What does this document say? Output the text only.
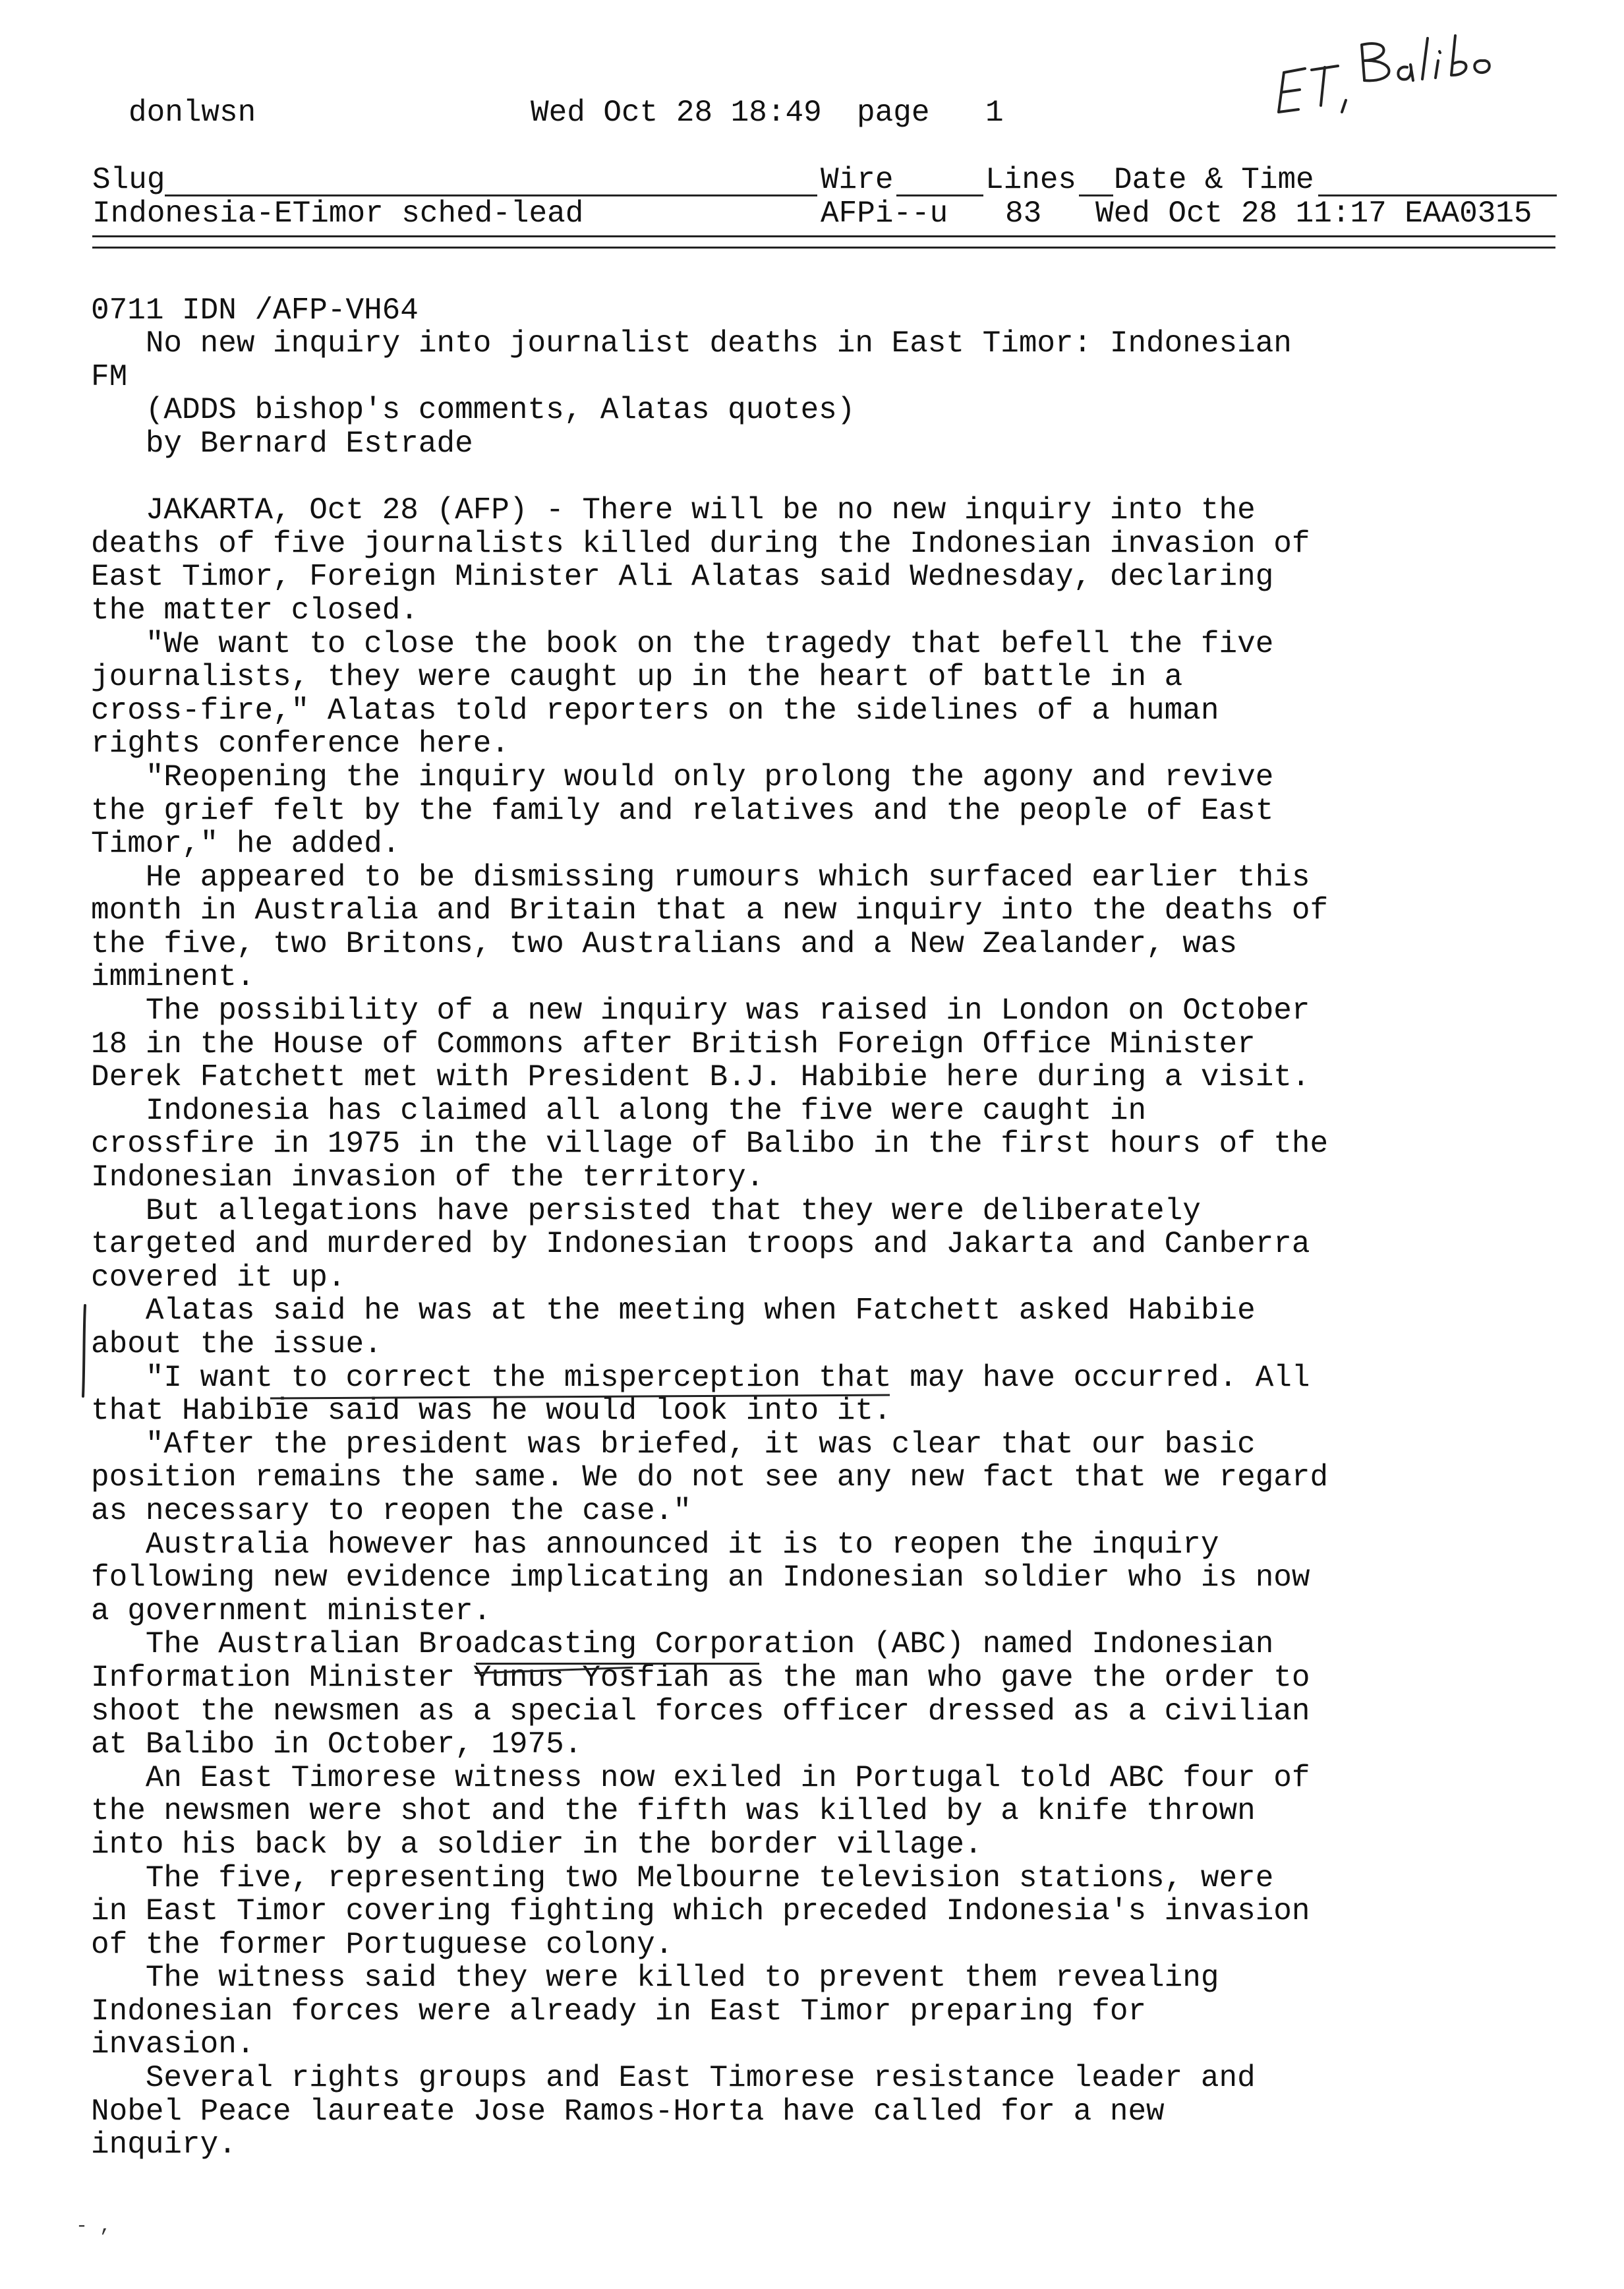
donlwsn	Wed Oct 28 18:49 page 1
Slug	Wire	Lines Date & Time
Indonesia-ETimor sched-lead	AFPi--u 83 Wed Oct 28 11:17 EAA0315

0711 IDN /AFP-VH64
No new inquiry into journalist deaths in East Timor: Indonesian
FM
(ADDS bishop's comments, Alatas quotes)
by Bernard Estrade

JAKARTA, Oct 28 (AFP) - There will be no new inquiry into the
deaths of five journalists killed during the Indonesian invasion of
East Timor, Foreign Minister Ali Alatas said Wednesday, declaring
the matter closed.
"We want to close the book on the tragedy that befell the five
journalists, they were caught up in the heart of battle in a
cross-fire," Alatas told reporters on the sidelines of a human
rights conference here.
"Reopening the inquiry would only prolong the agony and revive
the grief felt by the family and relatives and the people of East
Timor," he added.
He appeared to be dismissing rumours which surfaced earlier this
month in Australia and Britain that a new inquiry into the deaths of
the five, two Britons, two Australians and a New Zealander, was
imminent.
The possibility of a new inquiry was raised in London on October
18 in the House of Commons after British Foreign Office Minister
Derek Fatchett met with President B.J. Habibie here during a visit.
Indonesia has claimed all along the five were caught in
crossfire in 1975 in the village of Balibo in the first hours of the
Indonesian invasion of the territory.
But allegations have persisted that they were deliberately
targeted and murdered by Indonesian troops and Jakarta and Canberra
covered it up.
Alatas said he was at the meeting when Fatchett asked Habibie
about the issue.
"I want to correct the misperception that may have occurred. All
that Habibie said was he would look into it.
"After the president was briefed, it was clear that our basic
position remains the same. We do not see any new fact that we regard
as necessary to reopen the case."
Australia however has announced it is to reopen the inquiry
following new evidence implicating an Indonesian soldier who is now
a government minister.
The Australian Broadcasting Corporation (ABC) named Indonesian
Information Minister Yunus Yosfiah as the man who gave the order to
shoot the newsmen as a special forces officer dressed as a civilian
at Balibo in October, 1975.
An East Timorese witness now exiled in Portugal told ABC four of
the newsmen were shot and the fifth was killed by a knife thrown
into his back by a soldier in the border village.
The five, representing two Melbourne television stations, were
in East Timor covering fighting which preceded Indonesia's invasion
of the former Portuguese colony.
The witness said they were killed to prevent them revealing
Indonesian forces were already in East Timor preparing for
invasion.
Several rights groups and East Timorese resistance leader and
Nobel Peace laureate Jose Ramos-Horta have called for a new
inquiry.

- ,
